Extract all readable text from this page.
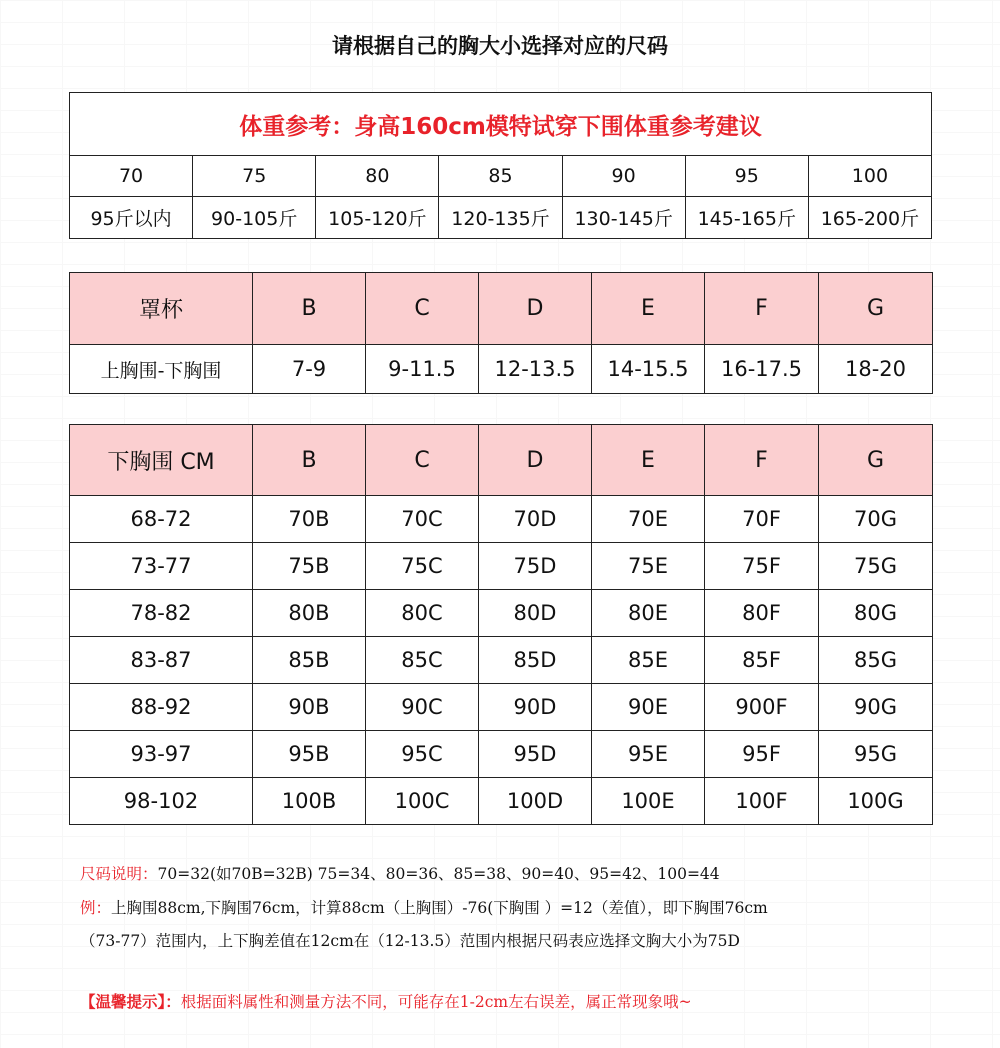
请根据自己的胸大小选择对应的尺码
体重参考：身高160cm模特试穿下围体重参考建议						
70	75	80	85	90	95	100
95斤以内	90-105斤	105-120斤	120-135斤	130-145斤	145-165斤	165-200斤
罩杯	B	C	D	E	F	G
上胸围-下胸围	7-9	9-11.5	12-13.5	14-15.5	16-17.5	18-20
下胸围 CM	B	C	D	E	F	G
68-72	70B	70C	70D	70E	70F	70G
73-77	75B	75C	75D	75E	75F	75G
78-82	80B	80C	80D	80E	80F	80G
83-87	85B	85C	85D	85E	85F	85G
88-92	90B	90C	90D	90E	900F	90G
93-97	95B	95C	95D	95E	95F	95G
98-102	100B	100C	100D	100E	100F	100G
尺码说明：70=32(如70B=32B) 75=34、80=36、85=38、90=40、95=42、100=44
例：上胸围88cm,下胸围76cm，计算88cm（上胸围）-76(下胸围 ）=12（差值），即下胸围76cm
（73-77）范围内，上下胸差值在12cm在（12-13.5）范围内根据尺码表应选择文胸大小为75D
【温馨提示】：根据面料属性和测量方法不同，可能存在1-2cm左右误差，属正常现象哦~
